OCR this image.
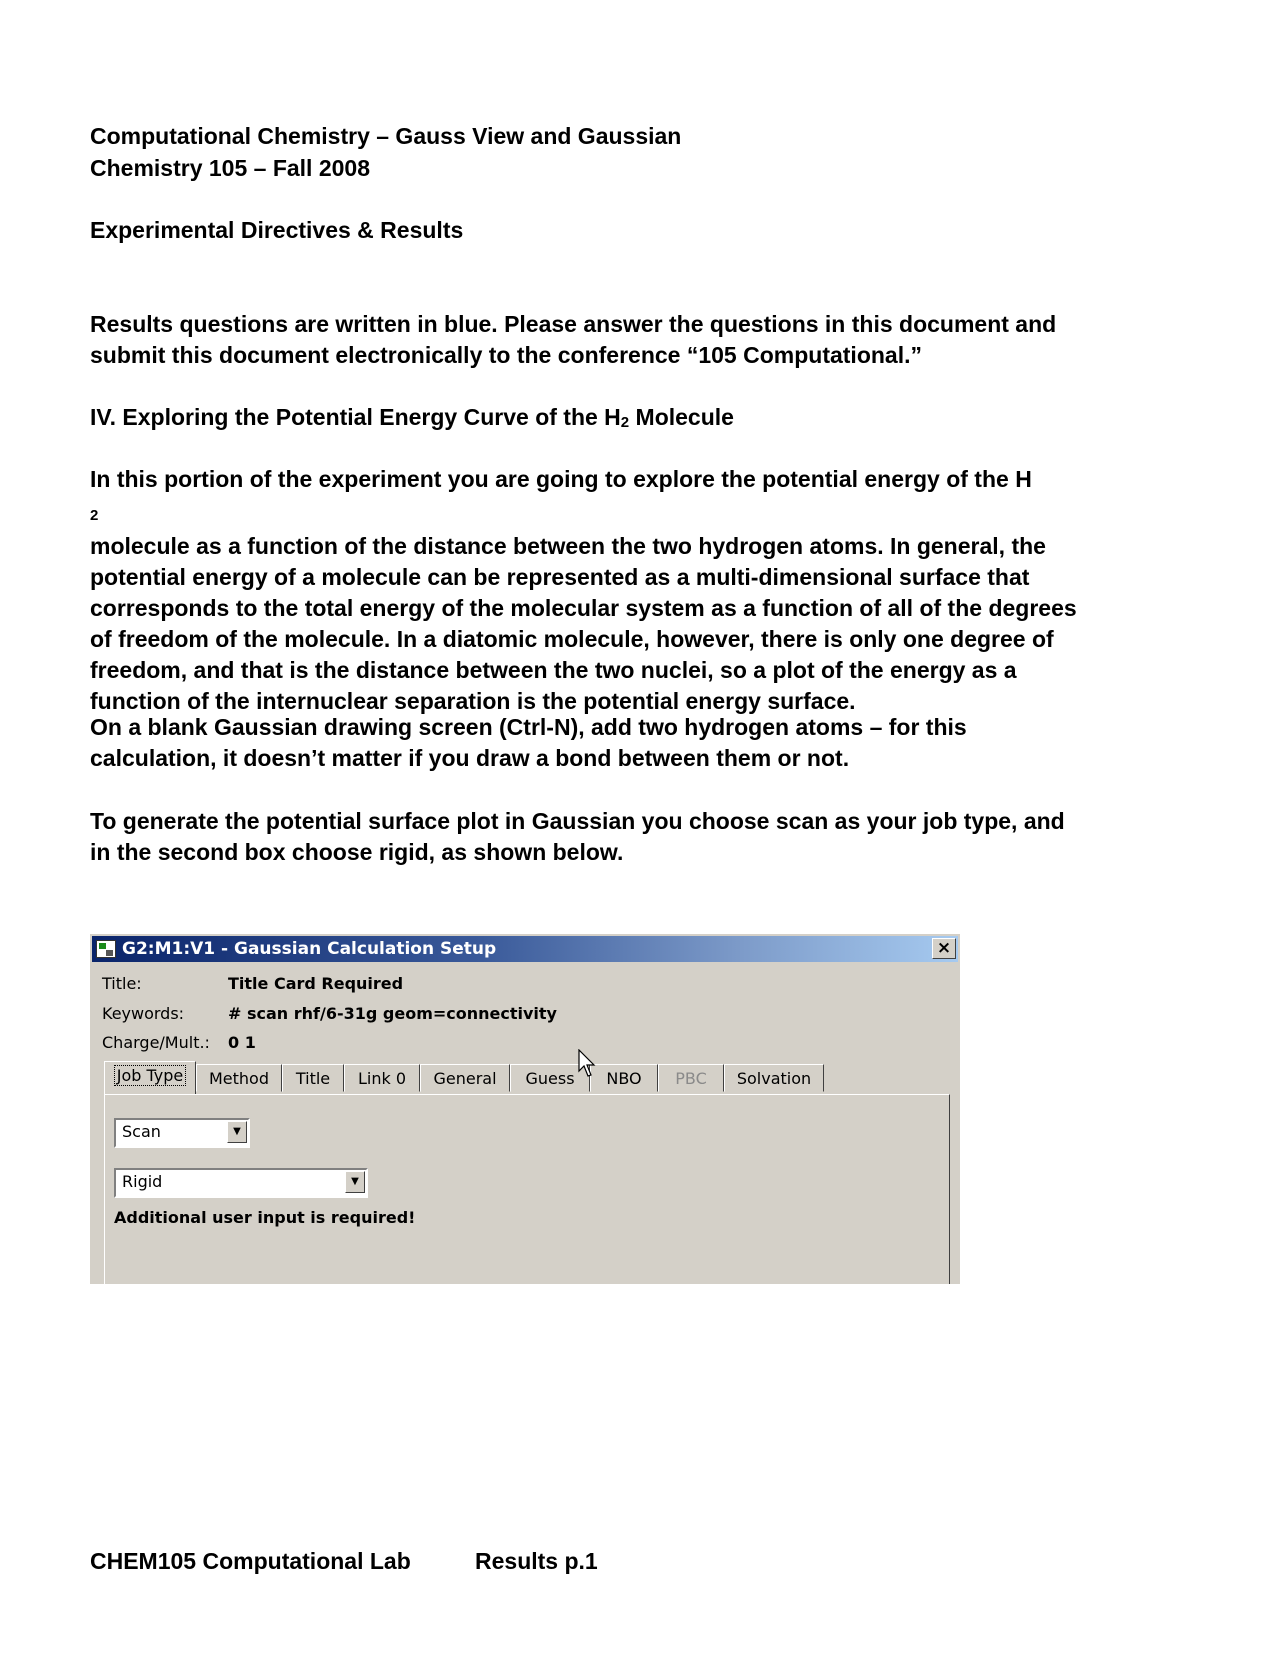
Computational Chemistry – Gauss View and Gaussian
Chemistry 105 – Fall 2008
Experimental Directives & Results
Results questions are written in blue. Please answer the questions in this document and
submit this document electronically to the conference “105 Computational.”
IV. Exploring the Potential Energy Curve of the $H_2$ Molecule
In this portion of the experiment you are going to explore the potential energy of the H
$_2$
molecule as a function of the distance between the two hydrogen atoms. In general, the
potential energy of a molecule can be represented as a multi-dimensional surface that
corresponds to the total energy of the molecular system as a function of all of the degrees
of freedom of the molecule. In a diatomic molecule, however, there is only one degree of
freedom, and that is the distance between the two nuclei, so a plot of the energy as a
function of the internuclear separation is the potential energy surface.
On a blank Gaussian drawing screen (Ctrl-N), add two hydrogen atoms – for this
calculation, it doesn’t matter if you draw a bond between them or not.
To generate the potential surface plot in Gaussian you choose scan as your job type, and
in the second box choose rigid, as shown below.
CHEM105 Computational Lab	Results p.1
G2:M1:V1 - Gaussian Calculation Setup	×
Title:	Title Card Required
Keywords:	# scan rhf/6-31g geom=connectivity
Charge/Mult.: 0 1
Job Type	Method	Title	Link 0	General	Guess	NBO	PBC	Solvation
Scan	▼
Rigid	▼
Additional user input is required!
